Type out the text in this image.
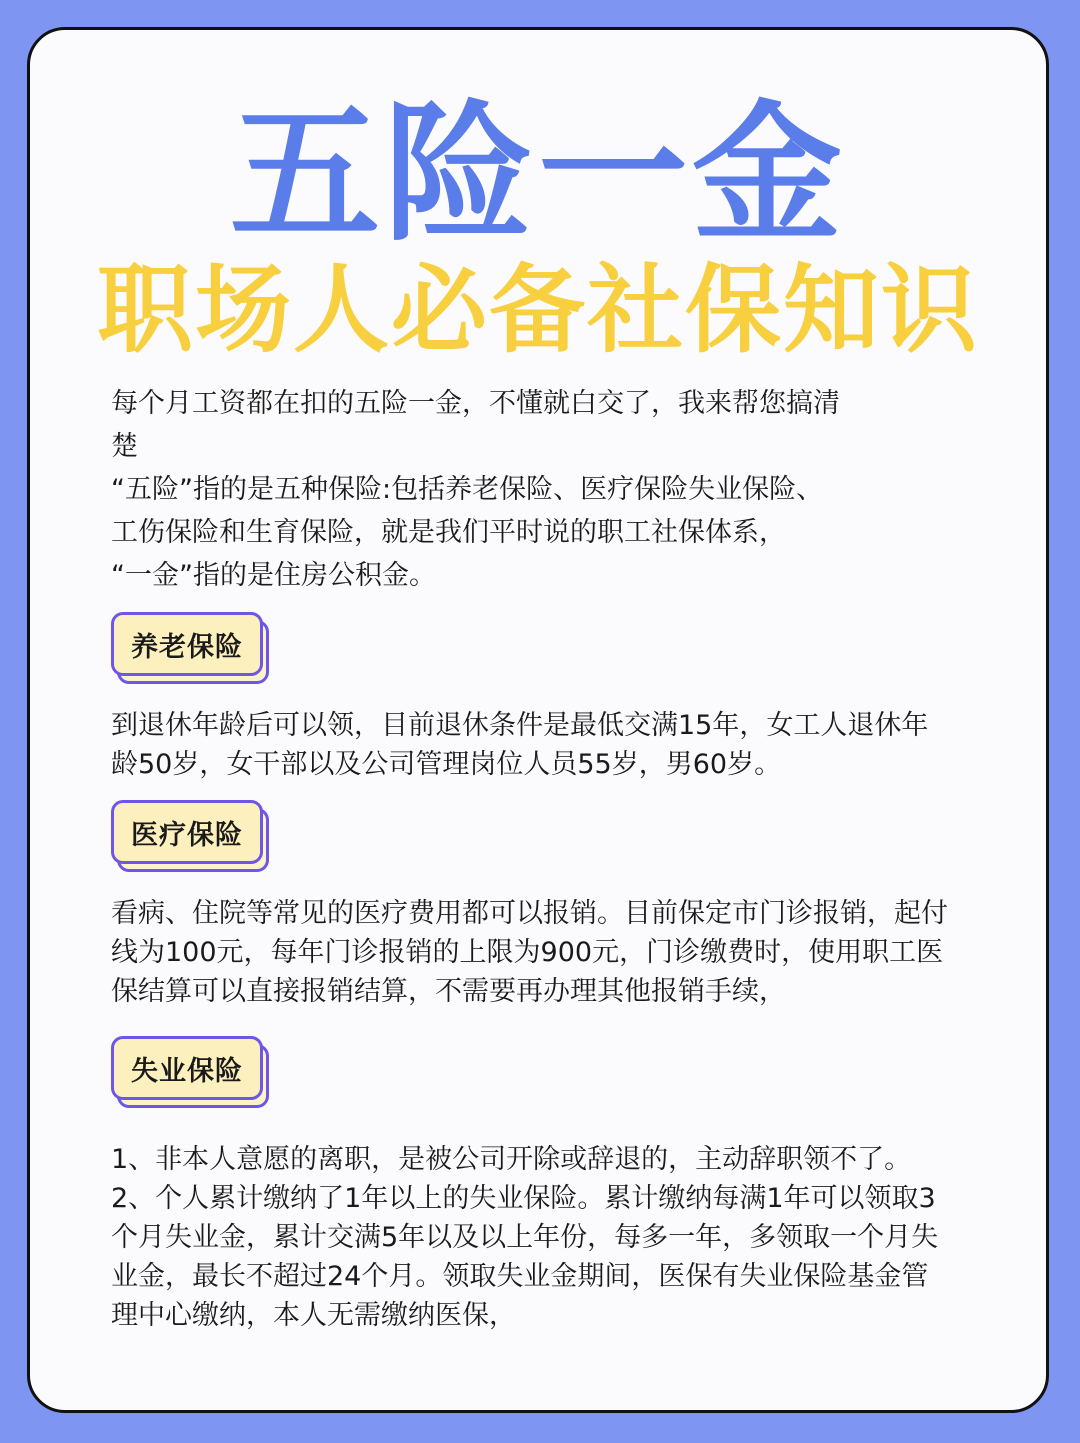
五险一金
职场人必备社保知识

每个月工资都在扣的五险一金，不懂就白交了，我来帮您搞清
楚
“五险”指的是五种保险:包括养老保险、医疗保险失业保险、
工伤保险和生育保险，就是我们平时说的职工社保体系，
“一金”指的是住房公积金。

养老保险

到退休年龄后可以领，目前退休条件是最低交满15年，女工人退休年
龄50岁，女干部以及公司管理岗位人员55岁，男60岁。

医疗保险

看病、住院等常见的医疗费用都可以报销。目前保定市门诊报销，起付
线为100元，每年门诊报销的上限为900元，门诊缴费时，使用职工医
保结算可以直接报销结算，不需要再办理其他报销手续，

失业保险

1、非本人意愿的离职，是被公司开除或辞退的，主动辞职领不了。
2、个人累计缴纳了1年以上的失业保险。累计缴纳每满1年可以领取3
个月失业金，累计交满5年以及以上年份，每多一年，多领取一个月失
业金，最长不超过24个月。领取失业金期间，医保有失业保险基金管
理中心缴纳，本人无需缴纳医保，
